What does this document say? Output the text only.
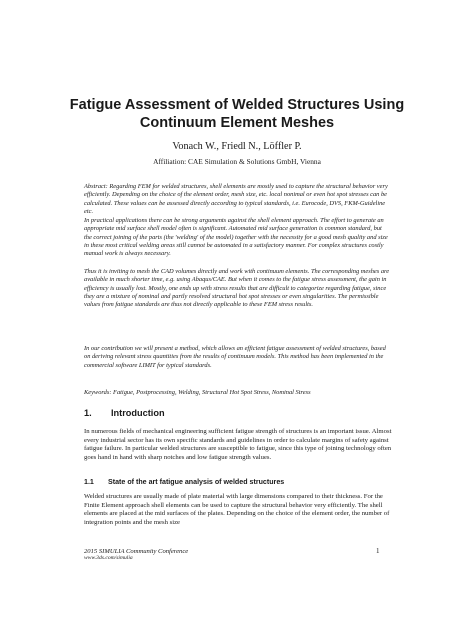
Fatigue Assessment of Welded Structures Using
Continuum Element Meshes
Vonach W., Friedl N., Löffler P.
Affiliation: CAE Simulation & Solutions GmbH, Vienna

Abstract: Regarding FEM for welded structures, shell elements are mostly used to capture the structural behavior very efficiently. Depending on the choice of the element order, mesh size, etc. local nonimal or even hot spot stresses can be calculated. These values can be assessed directly according to typical standards, i.e. Eurocode, DVS, FKM-Guideline etc.

In practical applications there can be strong arguments against the shell element approach. The effort to generate an appropriate mid surface shell model often is significant. Automated mid surface generation is common standard, but the correct joining of the parts (the 'welding' of the model) together with the necessity for a good mesh quality and size in these most critical welding areas still cannot be automated in a satisfactory manner. For complex structures costly manual work is always necessary.

Thus it is inviting to mesh the CAD volumes directly and work with continuum elements. The corresponding meshes are available in much shorter time, e.g. using Abaqus/CAE. But when it comes to the fatigue stress assessment, the gain in efficiency is usually lost. Mostly, one ends up with stress results that are difficult to categorize regarding fatigue, since they are a mixture of nominal and partly resolved structural hot spot stresses or even singularities. The permissible values from fatigue standards are thus not directly applicable to these FEM stress results.

In our contribution we will present a method, which allows an efficient fatigue assessment of welded structures, based on deriving relevant stress quantities from the results of continuum models. This method has been implemented in the commercial software LIMIT for typical standards.

Keywords: Fatigue, Postprocessing, Welding, Structural Hot Spot Stress, Nominal Stress

1. Introduction

In numerous fields of mechanical engineering sufficient fatigue strength of structures is an important issue. Almost every industrial sector has its own specific standards and guidelines in order to calculate margins of safety against fatigue failure. In particular welded structures are susceptible to fatigue, since this type of joining technology often goes hand in hand with sharp notches and low fatigue strength values.

1.1 State of the art fatigue analysis of welded structures

Welded structures are usually made of plate material with large dimensions compared to their thickness. For the Finite Element approach shell elements can be used to capture the structural behavior very efficiently. The shell elements are placed at the mid surfaces of the plates. Depending on the choice of the element order, the number of integration points and the mesh size

2015 SIMULIA Community Conference
www.3ds.com/simulia
1
